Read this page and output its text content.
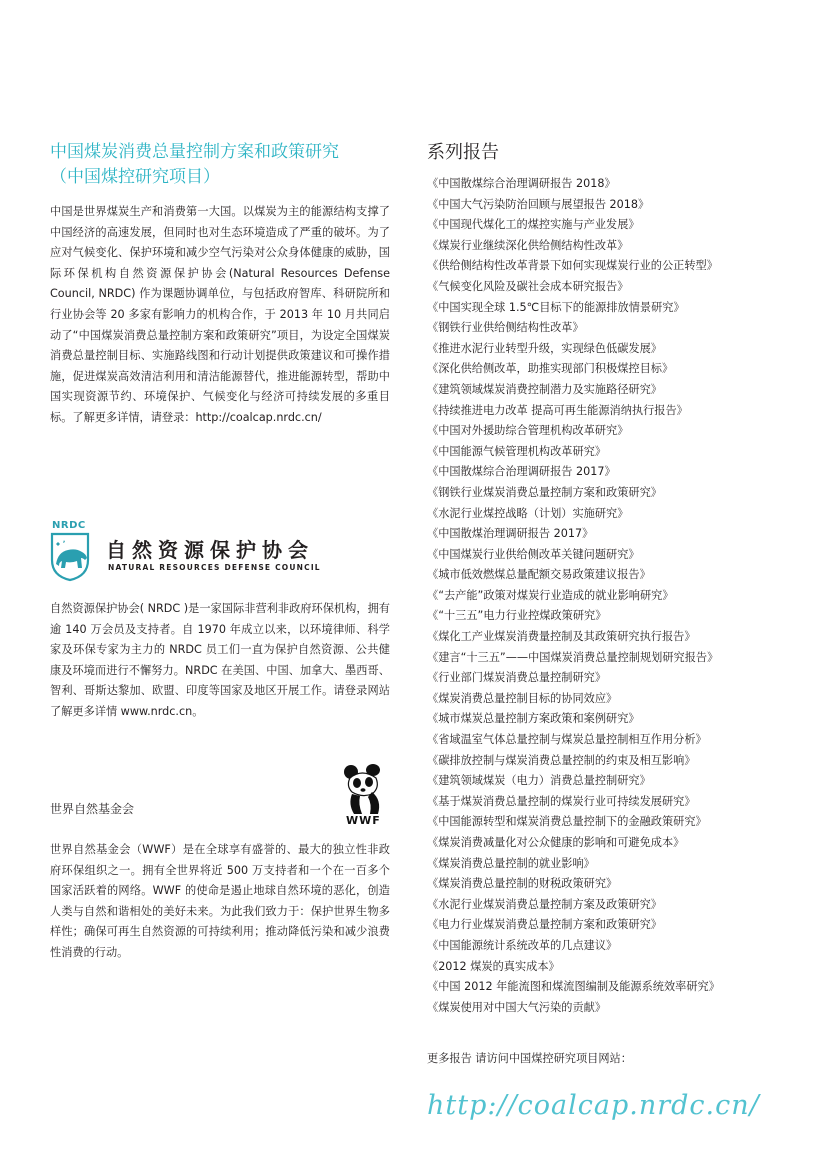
中国煤炭消费总量控制方案和政策研究
（中国煤控研究项目）

中国是世界煤炭生产和消费第一大国。以煤炭为主的能源结构支撑了中国经济的高速发展，但同时也对生态环境造成了严重的破坏。为了应对气候变化、保护环境和减少空气污染对公众身体健康的威胁，国际环保机构自然资源保护协会(Natural Resources Defense Council, NRDC) 作为课题协调单位，与包括政府智库、科研院所和行业协会等 20 多家有影响力的机构合作，于 2013 年 10 月共同启动了“中国煤炭消费总量控制方案和政策研究”项目，为设定全国煤炭消费总量控制目标、实施路线图和行动计划提供政策建议和可操作措施，促进煤炭高效清洁利用和清洁能源替代，推进能源转型，帮助中国实现资源节约、环境保护、气候变化与经济可持续发展的多重目标。了解更多详情，请登录：http://coalcap.nrdc.cn/

NRDC
自然资源保护协会
NATURAL RESOURCES DEFENSE COUNCIL

自然资源保护协会( NRDC )是一家国际非营利非政府环保机构，拥有逾 140 万会员及支持者。自 1970 年成立以来，以环境律师、科学家及环保专家为主力的 NRDC 员工们一直为保护自然资源、公共健康及环境而进行不懈努力。NRDC 在美国、中国、加拿大、墨西哥、智利、哥斯达黎加、欧盟、印度等国家及地区开展工作。请登录网站了解更多详情 www.nrdc.cn。

WWF
世界自然基金会

世界自然基金会（WWF）是在全球享有盛誉的、最大的独立性非政府环保组织之一。拥有全世界将近 500 万支持者和一个在一百多个国家活跃着的网络。WWF 的使命是遏止地球自然环境的恶化，创造人类与自然和谐相处的美好未来。为此我们致力于：保护世界生物多样性；确保可再生自然资源的可持续利用；推动降低污染和减少浪费性消费的行动。

系列报告
《中国散煤综合治理调研报告 2018》
《中国大气污染防治回顾与展望报告 2018》
《中国现代煤化工的煤控实施与产业发展》
《煤炭行业继续深化供给侧结构性改革》
《供给侧结构性改革背景下如何实现煤炭行业的公正转型》
《气候变化风险及碳社会成本研究报告》
《中国实现全球 1.5℃目标下的能源排放情景研究》
《钢铁行业供给侧结构性改革》
《推进水泥行业转型升级，实现绿色低碳发展》
《深化供给侧改革，助推实现部门积极煤控目标》
《建筑领域煤炭消费控制潜力及实施路径研究》
《持续推进电力改革 提高可再生能源消纳执行报告》
《中国对外援助综合管理机构改革研究》
《中国能源气候管理机构改革研究》
《中国散煤综合治理调研报告 2017》
《钢铁行业煤炭消费总量控制方案和政策研究》
《水泥行业煤控战略（计划）实施研究》
《中国散煤治理调研报告 2017》
《中国煤炭行业供给侧改革关键问题研究》
《城市低效燃煤总量配额交易政策建议报告》
《“去产能”政策对煤炭行业造成的就业影响研究》
《“十三五”电力行业控煤政策研究》
《煤化工产业煤炭消费量控制及其政策研究执行报告》
《建言“十三五”——中国煤炭消费总量控制规划研究报告》
《行业部门煤炭消费总量控制研究》
《煤炭消费总量控制目标的协同效应》
《城市煤炭总量控制方案政策和案例研究》
《省域温室气体总量控制与煤炭总量控制相互作用分析》
《碳排放控制与煤炭消费总量控制的约束及相互影响》
《建筑领域煤炭（电力）消费总量控制研究》
《基于煤炭消费总量控制的煤炭行业可持续发展研究》
《中国能源转型和煤炭消费总量控制下的金融政策研究》
《煤炭消费减量化对公众健康的影响和可避免成本》
《煤炭消费总量控制的就业影响》
《煤炭消费总量控制的财税政策研究》
《水泥行业煤炭消费总量控制方案及政策研究》
《电力行业煤炭消费总量控制方案和政策研究》
《中国能源统计系统改革的几点建议》
《2012 煤炭的真实成本》
《中国 2012 年能流图和煤流图编制及能源系统效率研究》
《煤炭使用对中国大气污染的贡献》

更多报告 请访问中国煤控研究项目网站：

http://coalcap.nrdc.cn/
